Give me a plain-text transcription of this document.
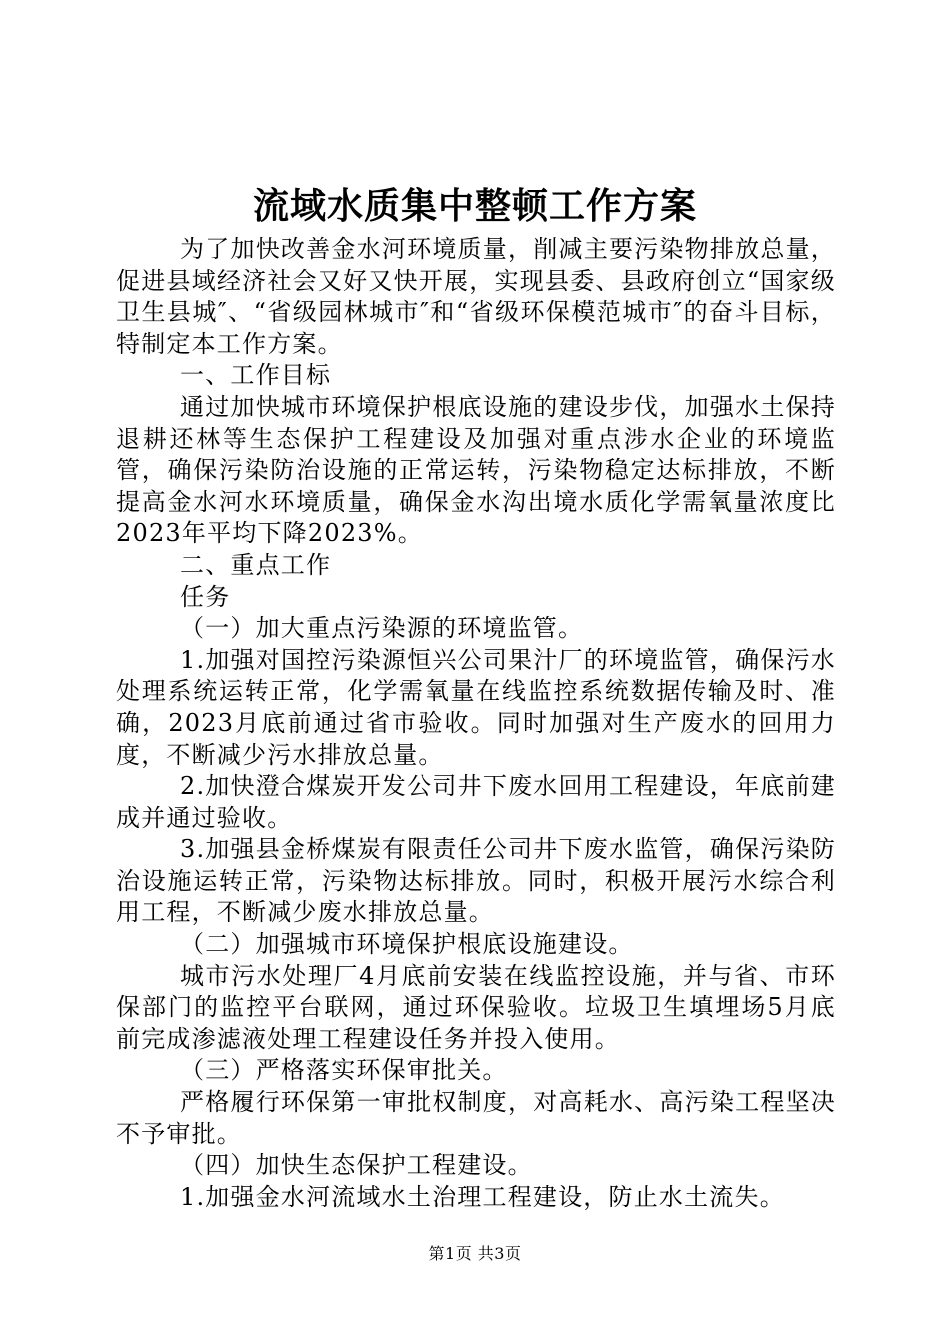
流域水质集中整顿工作方案

为了加快改善金水河环境质量，削减主要污染物排放总量，促进县域经济社会又好又快开展，实现县委、县政府创立“国家级卫生县城″、“省级园林城市″和“省级环保模范城市″的奋斗目标，特制定本工作方案。

一、工作目标

通过加快城市环境保护根底设施的建设步伐，加强水土保持退耕还林等生态保护工程建设及加强对重点涉水企业的环境监管，确保污染防治设施的正常运转，污染物稳定达标排放，不断提高金水河水环境质量，确保金水沟出境水质化学需氧量浓度比2023年平均下降2023%。

二、重点工作

任务

（一）加大重点污染源的环境监管。

1.加强对国控污染源恒兴公司果汁厂的环境监管，确保污水处理系统运转正常，化学需氧量在线监控系统数据传输及时、准确，2023月底前通过省市验收。同时加强对生产废水的回用力度，不断减少污水排放总量。

2.加快澄合煤炭开发公司井下废水回用工程建设，年底前建成并通过验收。

3.加强县金桥煤炭有限责任公司井下废水监管，确保污染防治设施运转正常，污染物达标排放。同时，积极开展污水综合利用工程，不断减少废水排放总量。

（二）加强城市环境保护根底设施建设。

城市污水处理厂4月底前安装在线监控设施，并与省、市环保部门的监控平台联网，通过环保验收。垃圾卫生填埋场5月底前完成渗滤液处理工程建设任务并投入使用。

（三）严格落实环保审批关。

严格履行环保第一审批权制度，对高耗水、高污染工程坚决不予审批。

（四）加快生态保护工程建设。

1.加强金水河流域水土治理工程建设，防止水土流失。

第1页 共3页
